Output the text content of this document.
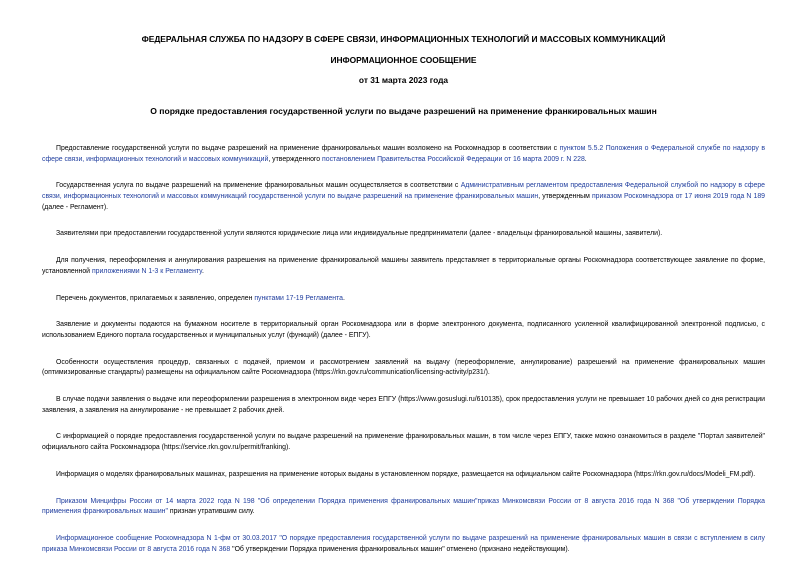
ФЕДЕРАЛЬНАЯ СЛУЖБА ПО НАДЗОРУ В СФЕРЕ СВЯЗИ, ИНФОРМАЦИОННЫХ ТЕХНОЛОГИЙ И МАССОВЫХ КОММУНИКАЦИЙ
ИНФОРМАЦИОННОЕ СООБЩЕНИЕ
от 31 марта 2023 года
О порядке предоставления государственной услуги по выдаче разрешений на применение франкировальных машин

Предоставление государственной услуги по выдаче разрешений на применение франкировальных машин возложено на Роскомнадзор в соответствии с пунктом 5.5.2 Положения о Федеральной службе по надзору в сфере связи, информационных технологий и массовых коммуникаций, утвержденного постановлением Правительства Российской Федерации от 16 марта 2009 г. N 228.

Государственная услуга по выдаче разрешений на применение франкировальных машин осуществляется в соответствии с Административным регламентом предоставления Федеральной службой по надзору в сфере связи, информационных технологий и массовых коммуникаций государственной услуги по выдаче разрешений на применение франкировальных машин, утвержденным приказом Роскомнадзора от 17 июня 2019 года N 189 (далее - Регламент).

Заявителями при предоставлении государственной услуги являются юридические лица или индивидуальные предприниматели (далее - владельцы франкировальной машины, заявители).

Для получения, переоформления и аннулирования разрешения на применение франкировальной машины заявитель представляет в территориальные органы Роскомнадзора соответствующее заявление по форме, установленной приложениями N 1-3 к Регламенту.

Перечень документов, прилагаемых к заявлению, определен пунктами 17-19 Регламента.

Заявление и документы подаются на бумажном носителе в территориальный орган Роскомнадзора или в форме электронного документа, подписанного усиленной квалифицированной электронной подписью, с использованием Единого портала государственных и муниципальных услуг (функций) (далее - ЕПГУ).

Особенности осуществления процедур, связанных с подачей, приемом и рассмотрением заявлений на выдачу (переоформление, аннулирование) разрешений на применение франкировальных машин (оптимизированные стандарты) размещены на официальном сайте Роскомнадзора (https://rkn.gov.ru/communication/licensing-activity/p231/).

В случае подачи заявления о выдаче или переоформлении разрешения в электронном виде через ЕПГУ (https://www.gosuslugi.ru/610135), срок предоставления услуги не превышает 10 рабочих дней со дня регистрации заявления, а заявления на аннулирование - не превышает 2 рабочих дней.

С информацией о порядке предоставления государственной услуги по выдаче разрешений на применение франкировальных машин, в том числе через ЕПГУ, также можно ознакомиться в разделе "Портал заявителей" официального сайта Роскомнадзора (https://service.rkn.gov.ru/permit/franking).

Информация о моделях франкировальных машинах, разрешения на применение которых выданы в установленном порядке, размещается на официальном сайте Роскомнадзора (https://rkn.gov.ru/docs/Modeli_FM.pdf).

Приказом Минцифры России от 14 марта 2022 года N 198 "Об определении Порядка применения франкировальных машин"приказ Минкомсвязи России от 8 августа 2016 года N 368 "Об утверждении Порядка применения франкировальных машин" признан утратившим силу.

Информационное сообщение Роскомнадзора N 1-фм от 30.03.2017 "О порядке предоставления государственной услуги по выдаче разрешений на применение франкировальных машин в связи с вступлением в силу приказа Минкомсвязи России от 8 августа 2016 года N 368 "Об утверждении Порядка применения франкировальных машин" отменено (признано недействующим).
